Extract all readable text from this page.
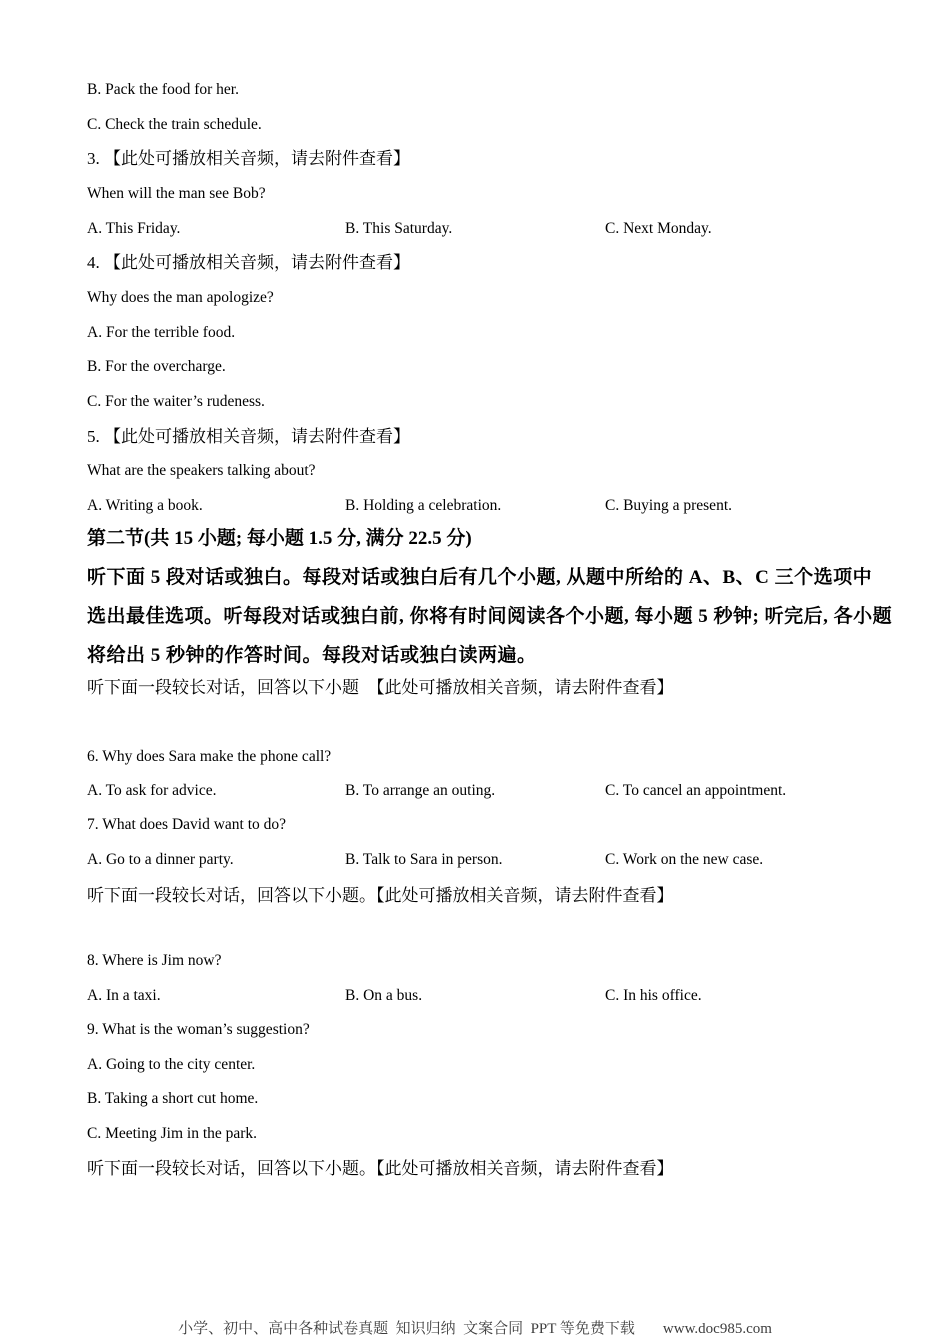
B. Pack the food for her.

C. Check the train schedule.

3. 【此处可播放相关音频，请去附件查看】

When will the man see Bob?

A. This Friday.	B. This Saturday.	C. Next Monday.

4. 【此处可播放相关音频，请去附件查看】

Why does the man apologize?

A. For the terrible food.

B. For the overcharge.

C. For the waiter’s rudeness.

5. 【此处可播放相关音频，请去附件查看】

What are the speakers talking about?

A. Writing a book.	B. Holding a celebration.	C. Buying a present.

第二节(共 15 小题; 每小题 1.5 分, 满分 22.5 分)

听下面 5 段对话或独白。每段对话或独白后有几个小题, 从题中所给的 A、B、C 三个选项中

选出最佳选项。听每段对话或独白前, 你将有时间阅读各个小题, 每小题 5 秒钟; 听完后, 各小题

将给出 5 秒钟的作答时间。每段对话或独白读两遍。

听下面一段较长对话，回答以下小题　【此处可播放相关音频，请去附件查看】

6. Why does Sara make the phone call?

A. To ask for advice.	B. To arrange an outing.	C. To cancel an appointment.

7. What does David want to do?

A. Go to a dinner party.	B. Talk to Sara in person.	C. Work on the new case.

听下面一段较长对话，回答以下小题。【此处可播放相关音频，请去附件查看】

8. Where is Jim now?

A. In a taxi.	B. On a bus.	C. In his office.

9. What is the woman’s suggestion?

A. Going to the city center.

B. Taking a short cut home.

C. Meeting Jim in the park.

听下面一段较长对话，回答以下小题。【此处可播放相关音频，请去附件查看】

小学、初中、高中各种试卷真题  知识归纳  文案合同  PPT 等免费下载 www.doc985.com
